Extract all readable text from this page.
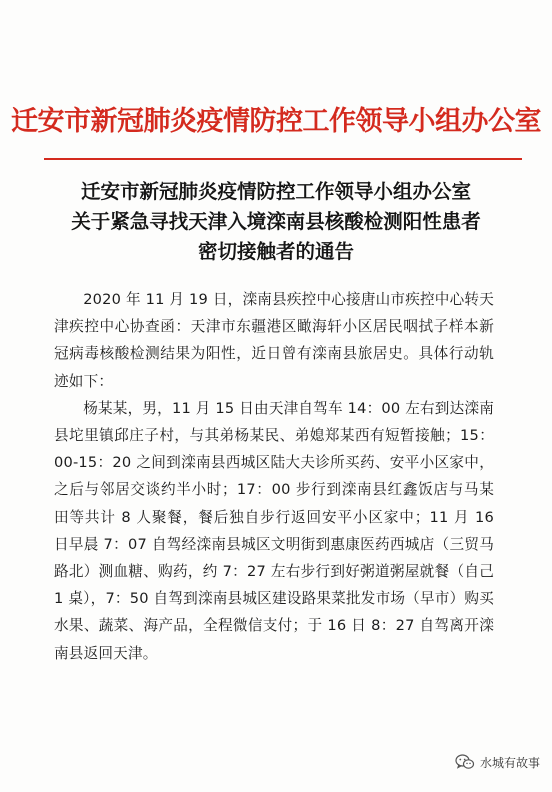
迁安市新冠肺炎疫情防控工作领导小组办公室
迁安市新冠肺炎疫情防控工作领导小组办公室
关于紧急寻找天津入境滦南县核酸检测阳性患者
密切接触者的通告

2020 年 11 月 19 日，滦南县疾控中心接唐山市疾控中心转天津疾控中心协查函：天津市东疆港区瞰海轩小区居民咽拭子样本新冠病毒核酸检测结果为阳性，近日曾有滦南县旅居史。具体行动轨迹如下：

杨某某，男，11 月 15 日由天津自驾车 14：00 左右到达滦南县坨里镇邱庄子村，与其弟杨某民、弟媳郑某西有短暂接触；15：00-15：20 之间到滦南县西城区陆大夫诊所买药、安平小区家中，之后与邻居交谈约半小时；17：00 步行到滦南县红鑫饭店与马某田等共计 8 人聚餐，餐后独自步行返回安平小区家中；11 月 16 日早晨 7：07 自驾经滦南县城区文明街到惠康医药西城店（三贸马路北）测血糖、购药，约 7：27 左右步行到好粥道粥屋就餐（自己 1 桌），7：50 自驾到滦南县城区建设路果菜批发市场（早市）购买水果、蔬菜、海产品，全程微信支付；于 16 日 8：27 自驾离开滦南县返回天津。

水城有故事
